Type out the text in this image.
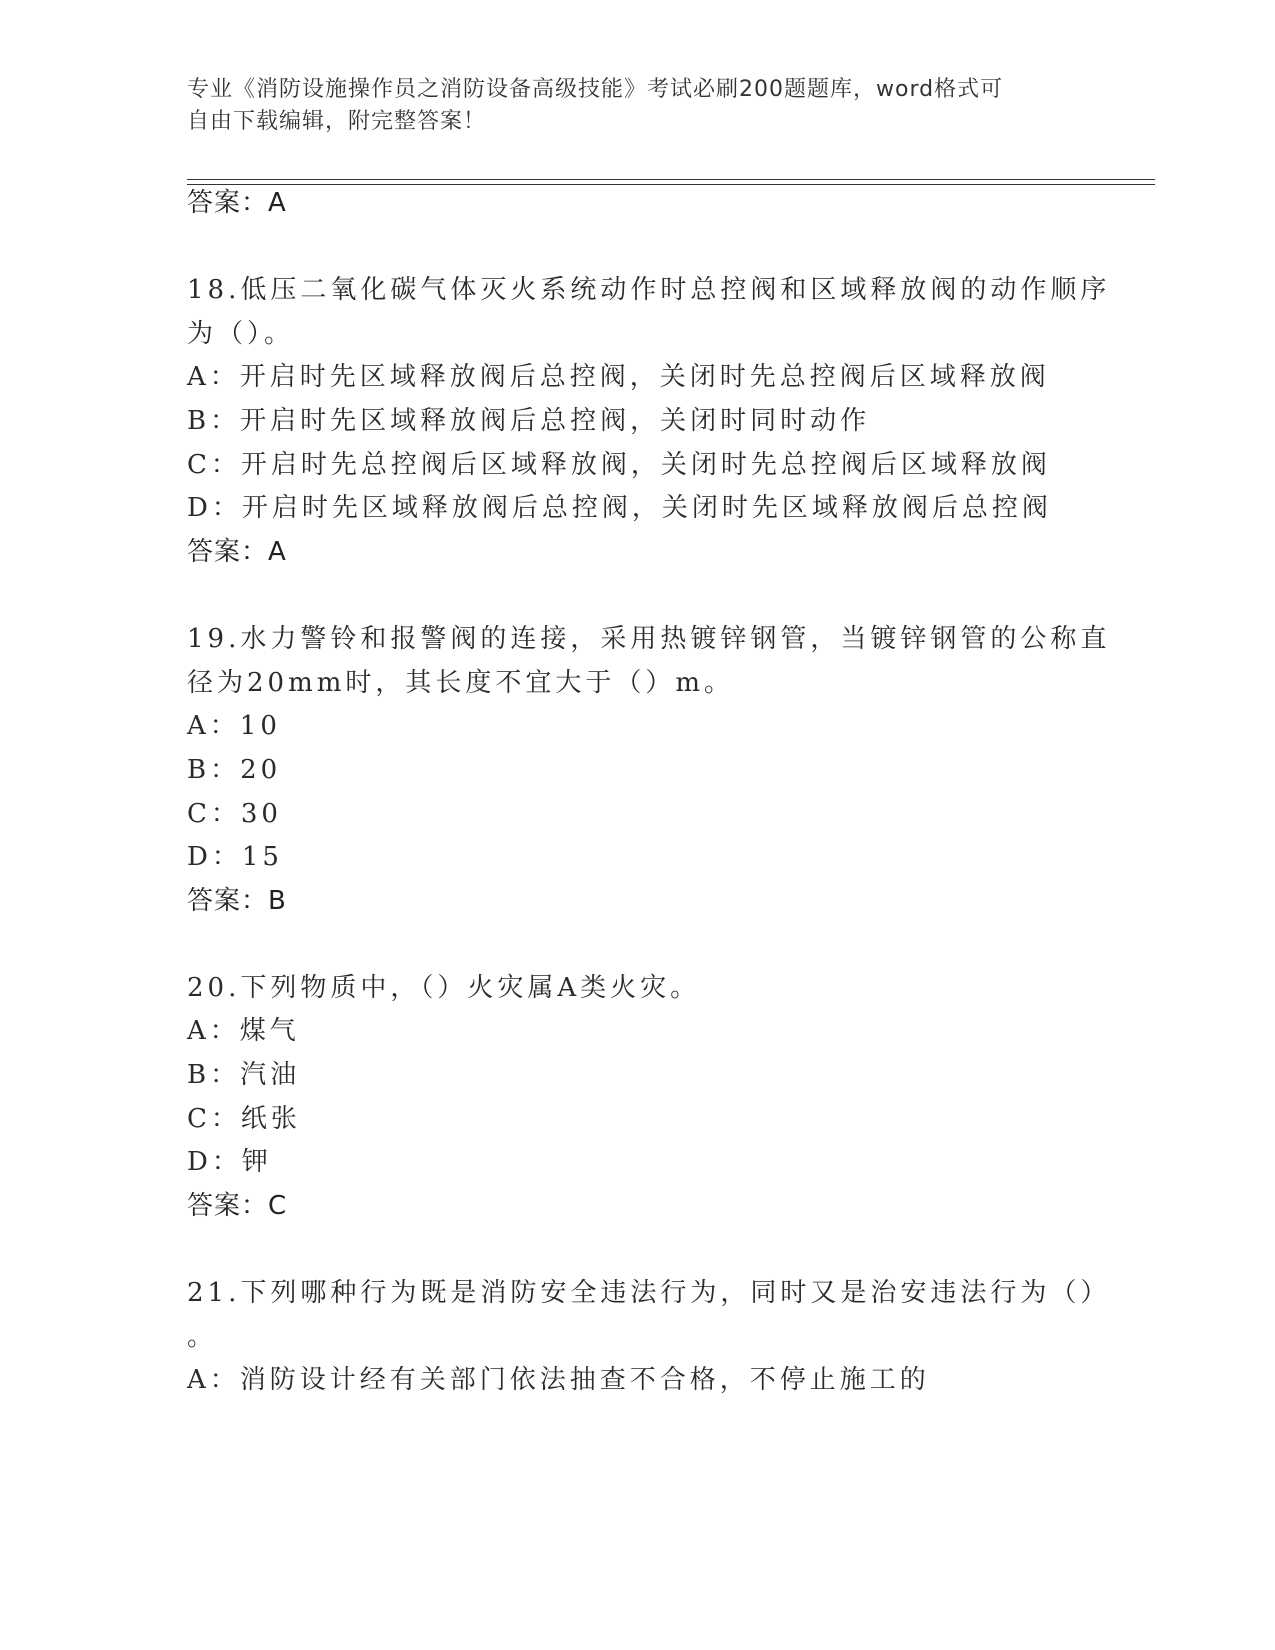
专业《消防设施操作员之消防设备高级技能》考试必刷200题题库，word格式可
自由下载编辑，附完整答案！
答案：A
18.低压二氧化碳气体灭火系统动作时总控阀和区域释放阀的动作顺序
为（）。
A：开启时先区域释放阀后总控阀，关闭时先总控阀后区域释放阀
B：开启时先区域释放阀后总控阀，关闭时同时动作
C：开启时先总控阀后区域释放阀，关闭时先总控阀后区域释放阀
D：开启时先区域释放阀后总控阀，关闭时先区域释放阀后总控阀
答案：A
19.水力警铃和报警阀的连接，采用热镀锌钢管，当镀锌钢管的公称直
径为20mm时，其长度不宜大于（）m。
A：10
B：20
C：30
D：15
答案：B
20.下列物质中，（）火灾属A类火灾。
A：煤气
B：汽油
C：纸张
D：钾
答案：C
21.下列哪种行为既是消防安全违法行为，同时又是治安违法行为（）
。
A：消防设计经有关部门依法抽查不合格，不停止施工的
